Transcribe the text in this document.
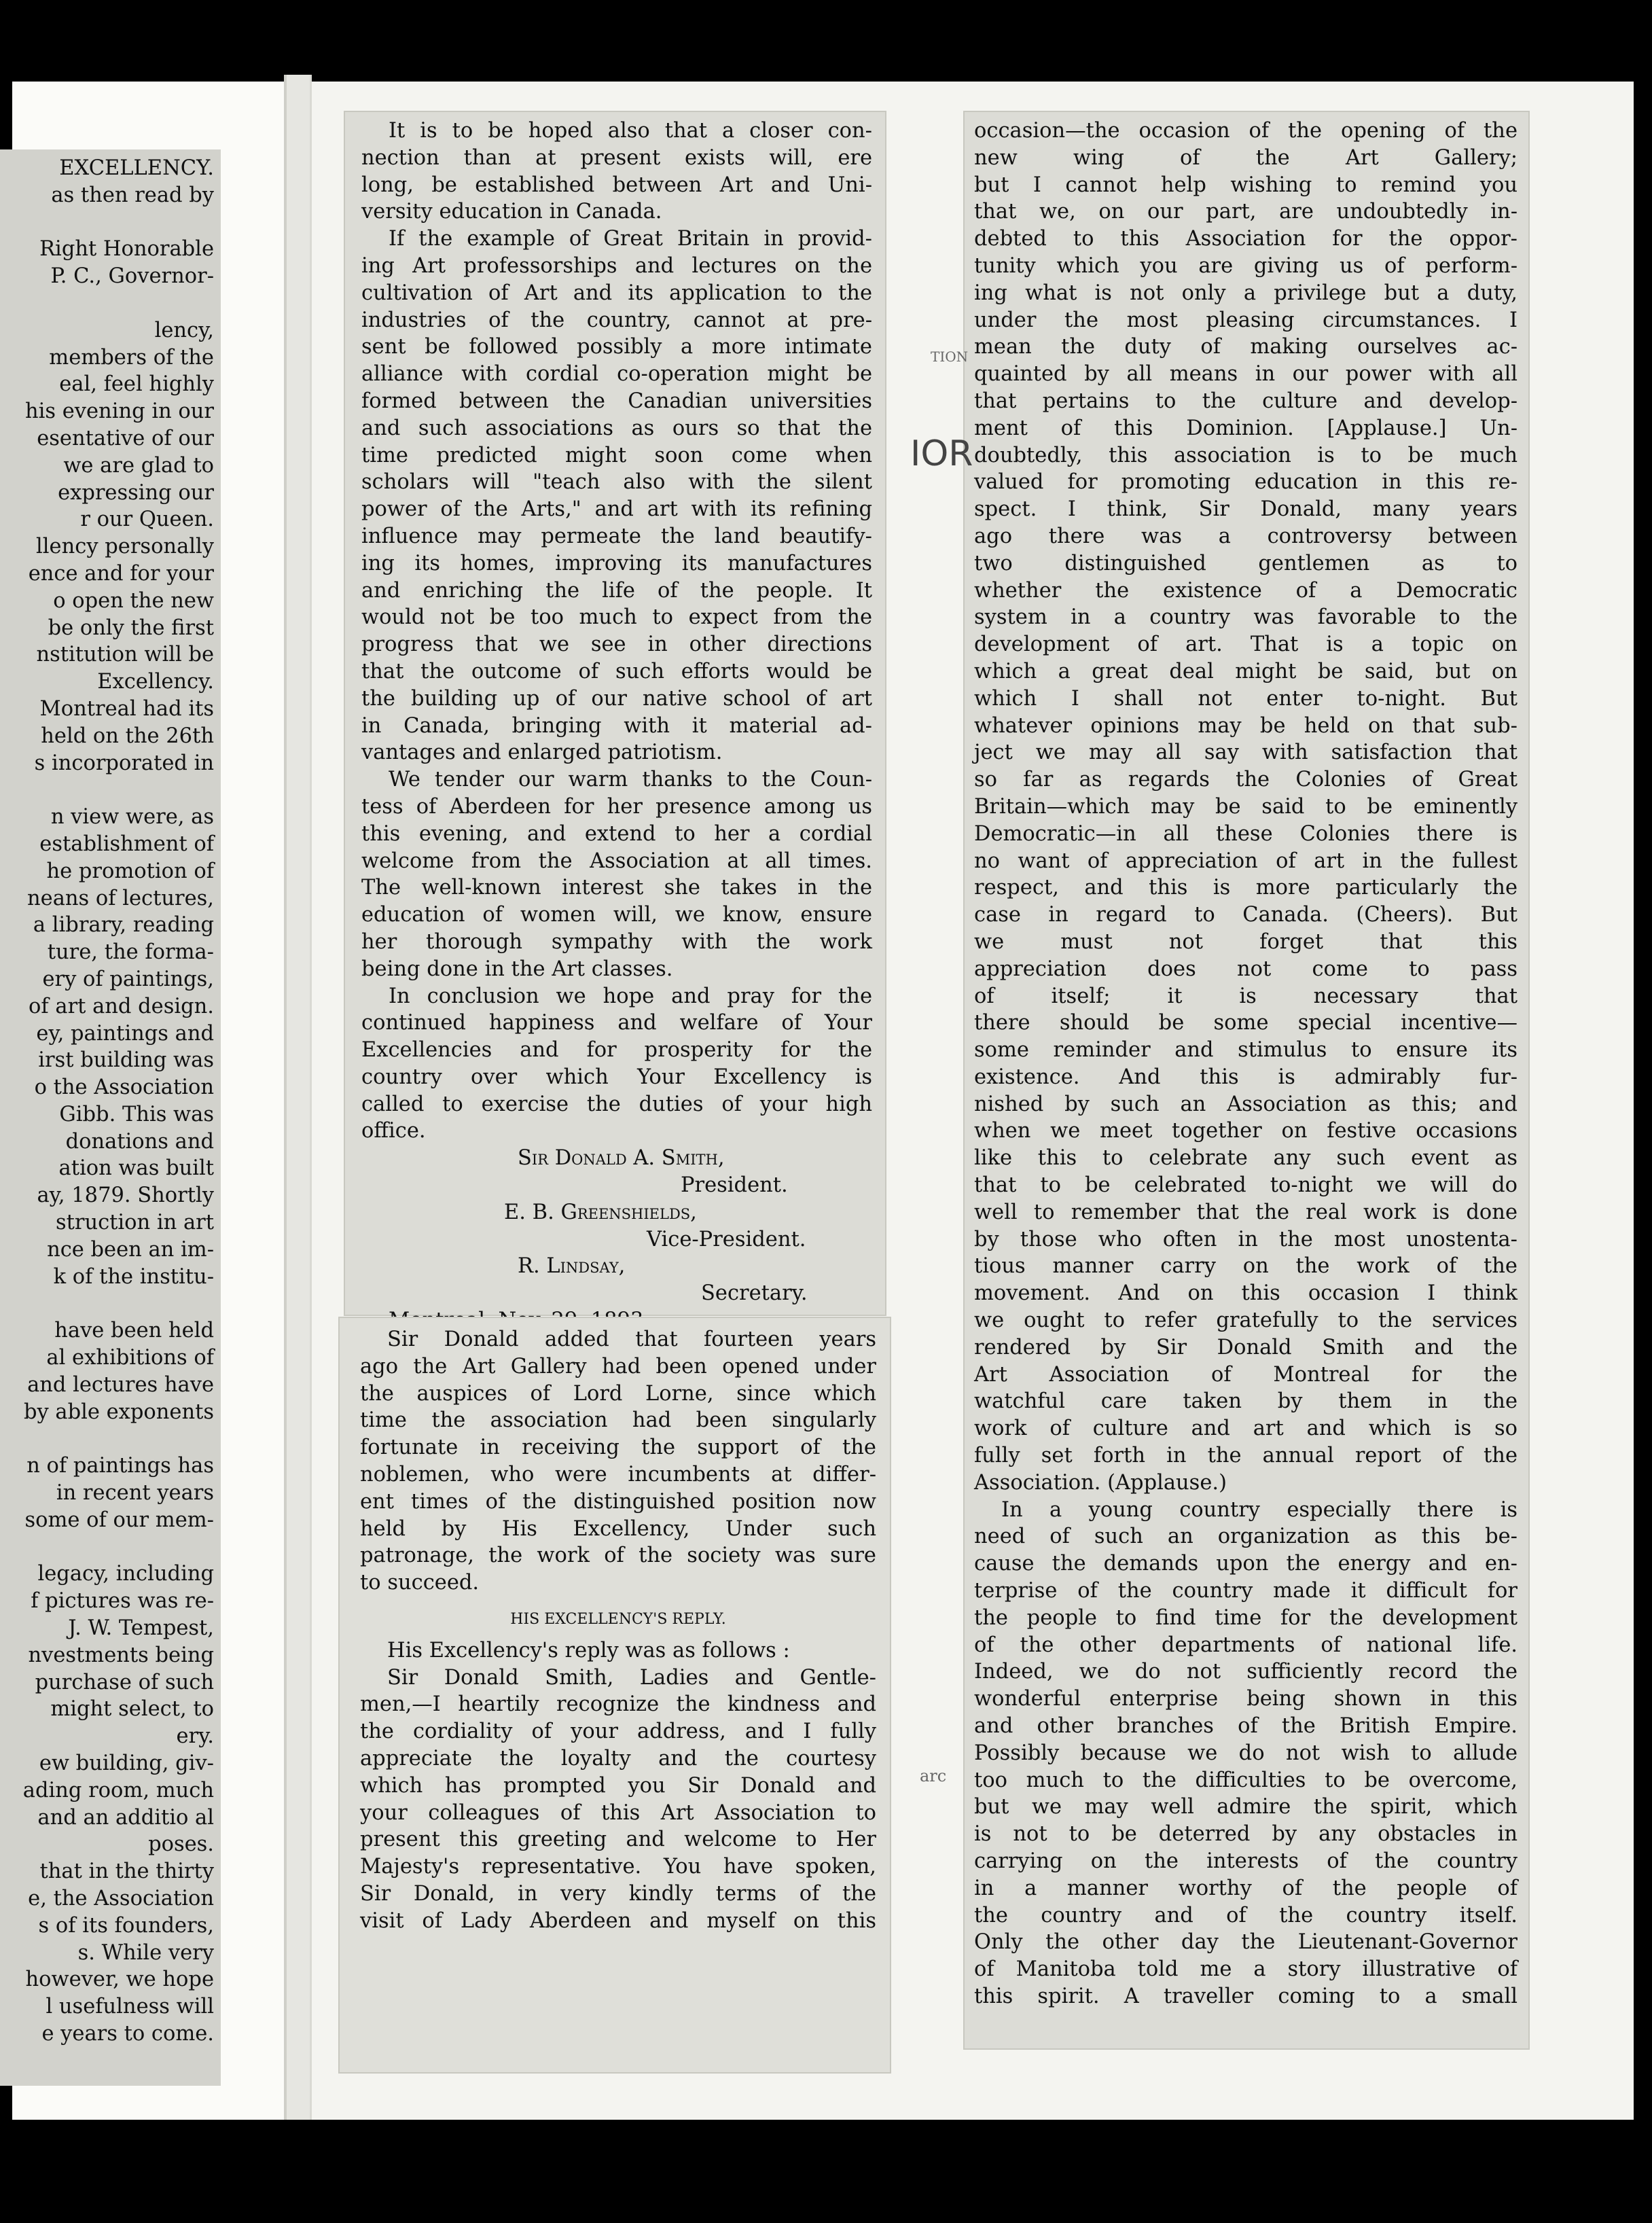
EXCELLENCY.
as then read by

Right Honorable
P. C., Governor-

lency,
members of the
eal, feel highly
his evening in our
esentative of our
we are glad to
expressing our
r our Queen.
llency personally
ence and for your
o open the new
be only the first
nstitution will be
Excellency.
Montreal had its
held on the 26th
s incorporated in

n view were, as
establishment of
he promotion of
neans of lectures,
a library, reading
ture, the forma-
ery of paintings,
of art and design.
ey, paintings and
irst building was
o the Association
Gibb. This was
donations and
ation was built
ay, 1879. Shortly
struction in art
nce been an im-
k of the institu-

have been held
al exhibitions of
and lectures have
by able exponents

n of paintings has
in recent years
some of our mem-

legacy, including
f pictures was re-
J. W. Tempest,
nvestments being
purchase of such
might select, to
ery.
ew building, giv-
ading room, much
and an additio al
poses.
that in the thirty
e, the Association
s of its founders,
s. While very
however, we hope
l usefulness will
e years to come.
It is to be hoped also that a closer con-
nection than at present exists will, ere
long, be established between Art and Uni-
versity education in Canada.
If the example of Great Britain in provid-
ing Art professorships and lectures on the
cultivation of Art and its application to the
industries of the country, cannot at pre-
sent be followed possibly a more intimate
alliance with cordial co-operation might be
formed between the Canadian universities
and such associations as ours so that the
time predicted might soon come when
scholars will "teach also with the silent
power of the Arts," and art with its refining
influence may permeate the land beautify-
ing its homes, improving its manufactures
and enriching the life of the people. It
would not be too much to expect from the
progress that we see in other directions
that the outcome of such efforts would be
the building up of our native school of art
in Canada, bringing with it material ad-
vantages and enlarged patriotism.
We tender our warm thanks to the Coun-
tess of Aberdeen for her presence among us
this evening, and extend to her a cordial
welcome from the Association at all times.
The well-known interest she takes in the
education of women will, we know, ensure
her thorough sympathy with the work
being done in the Art classes.
In conclusion we hope and pray for the
continued happiness and welfare of Your
Excellencies and for prosperity for the
country over which Your Excellency is
called to exercise the duties of your high
office.
Sir Donald A. Smith,
President.
E. B. Greenshields,
Vice-President.
R. Lindsay,
Secretary.
Sir Donald added that fourteen years
ago the Art Gallery had been opened under
the auspices of Lord Lorne, since which
time the association had been singularly
fortunate in receiving the support of the
noblemen, who were incumbents at differ-
ent times of the distinguished position now
held by His Excellency, Under such
patronage, the work of the society was sure
to succeed.
HIS EXCELLENCY'S REPLY.
His Excellency's reply was as follows :
Sir Donald Smith, Ladies and Gentle-
men,—I heartily recognize the kindness and
the cordiality of your address, and I fully
appreciate the loyalty and the courtesy
which has prompted you Sir Donald and
your colleagues of this Art Association to
present this greeting and welcome to Her
Majesty's representative. You have spoken,
Sir Donald, in very kindly terms of the
visit of Lady Aberdeen and myself on this
occasion—the occasion of the opening of the
new wing of the Art Gallery;
but I cannot help wishing to remind you
that we, on our part, are undoubtedly in-
debted to this Association for the oppor-
tunity which you are giving us of perform-
ing what is not only a privilege but a duty,
under the most pleasing circumstances. I
mean the duty of making ourselves ac-
quainted by all means in our power with all
that pertains to the culture and develop-
ment of this Dominion. [Applause.] Un-
doubtedly, this association is to be much
valued for promoting education in this re-
spect. I think, Sir Donald, many years
ago there was a controversy between
two distinguished gentlemen as to
whether the existence of a Democratic
system in a country was favorable to the
development of art. That is a topic on
which a great deal might be said, but on
which I shall not enter to-night. But
whatever opinions may be held on that sub-
ject we may all say with satisfaction that
so far as regards the Colonies of Great
Britain—which may be said to be eminently
Democratic—in all these Colonies there is
no want of appreciation of art in the fullest
respect, and this is more particularly the
case in regard to Canada. (Cheers). But
we must not forget that this
appreciation does not come to pass
of itself; it is necessary that
there should be some special incentive—
some reminder and stimulus to ensure its
existence. And this is admirably fur-
nished by such an Association as this; and
when we meet together on festive occasions
like this to celebrate any such event as
that to be celebrated to-night we will do
well to remember that the real work is done
by those who often in the most unostenta-
tious manner carry on the work of the
movement. And on this occasion I think
we ought to refer gratefully to the services
rendered by Sir Donald Smith and the
Art Association of Montreal for the
watchful care taken by them in the
work of culture and art and which is so
fully set forth in the annual report of the
Association. (Applause.)
In a young country especially there is
need of such an organization as this be-
cause the demands upon the energy and en-
terprise of the country made it difficult for
the people to find time for the development
of the other departments of national life.
Indeed, we do not sufficiently record the
wonderful enterprise being shown in this
and other branches of the British Empire.
Possibly because we do not wish to allude
too much to the difficulties to be overcome,
but we may well admire the spirit, which
is not to be deterred by any obstacles in
carrying on the interests of the country
in a manner worthy of the people of
the country and of the country itself.
Only the other day the Lieutenant-Governor
of Manitoba told me a story illustrative of
this spirit. A traveller coming to a small
TION
IOR
arc
